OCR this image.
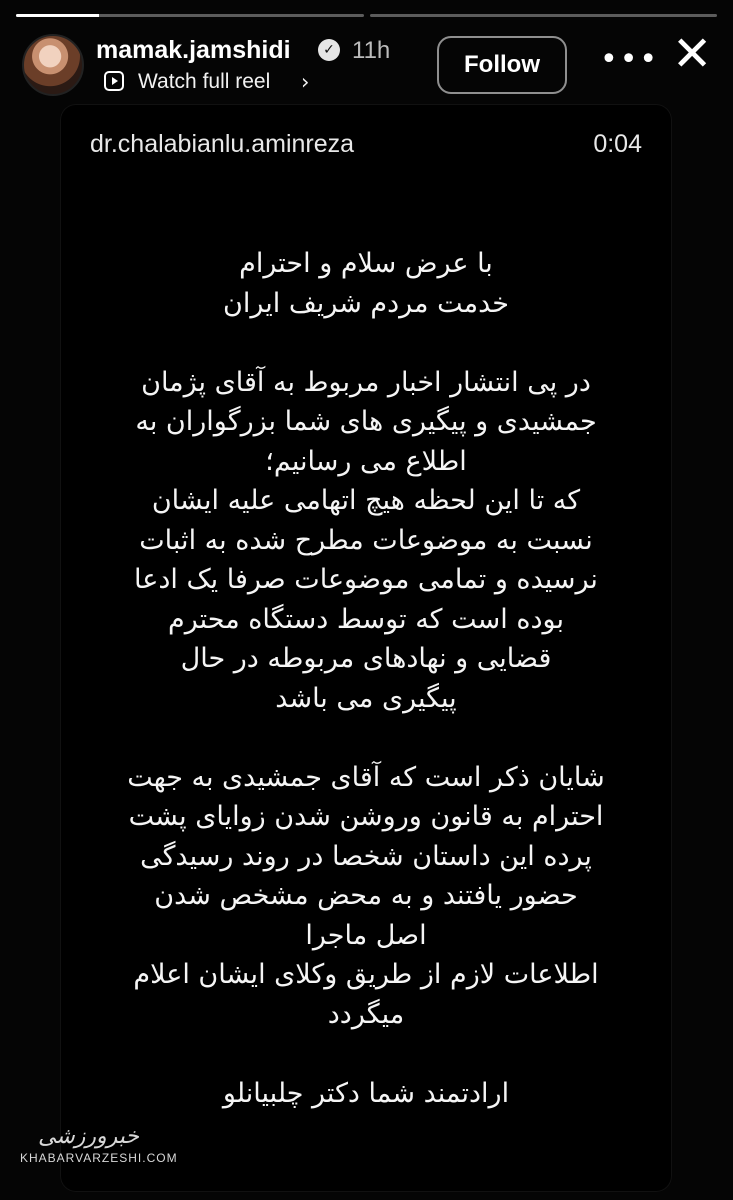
mamak.jamshidi	✓ 11h
Watch full reel ›
Follow	••• ✕
dr.chalabianlu.aminreza	0:04
با عرض سلام و احترام
خدمت مردم شریف ایران
در پی انتشار اخبار مربوط به آقای پژمان
جمشیدی و پیگیری های شما بزرگواران به
اطلاع می رسانیم؛
که تا این لحظه هیچ اتهامی علیه ایشان
نسبت به موضوعات مطرح شده به اثبات
نرسیده و تمامی موضوعات صرفا یک ادعا
بوده است که توسط دستگاه محترم
قضایی و نهادهای مربوطه در حال
پیگیری می باشد
شایان ذکر است که آقای جمشیدی به جهت
احترام به قانون وروشن شدن زوایای پشت
پرده این داستان شخصا در روند رسیدگی
حضور یافتند و به محض مشخص شدن
اصل ماجرا
اطلاعات لازم از طریق وکلای ایشان اعلام
میگردد
ارادتمند شما دکتر چلبیانلو
خبرورزشی
KHABARVARZESHI.COM
